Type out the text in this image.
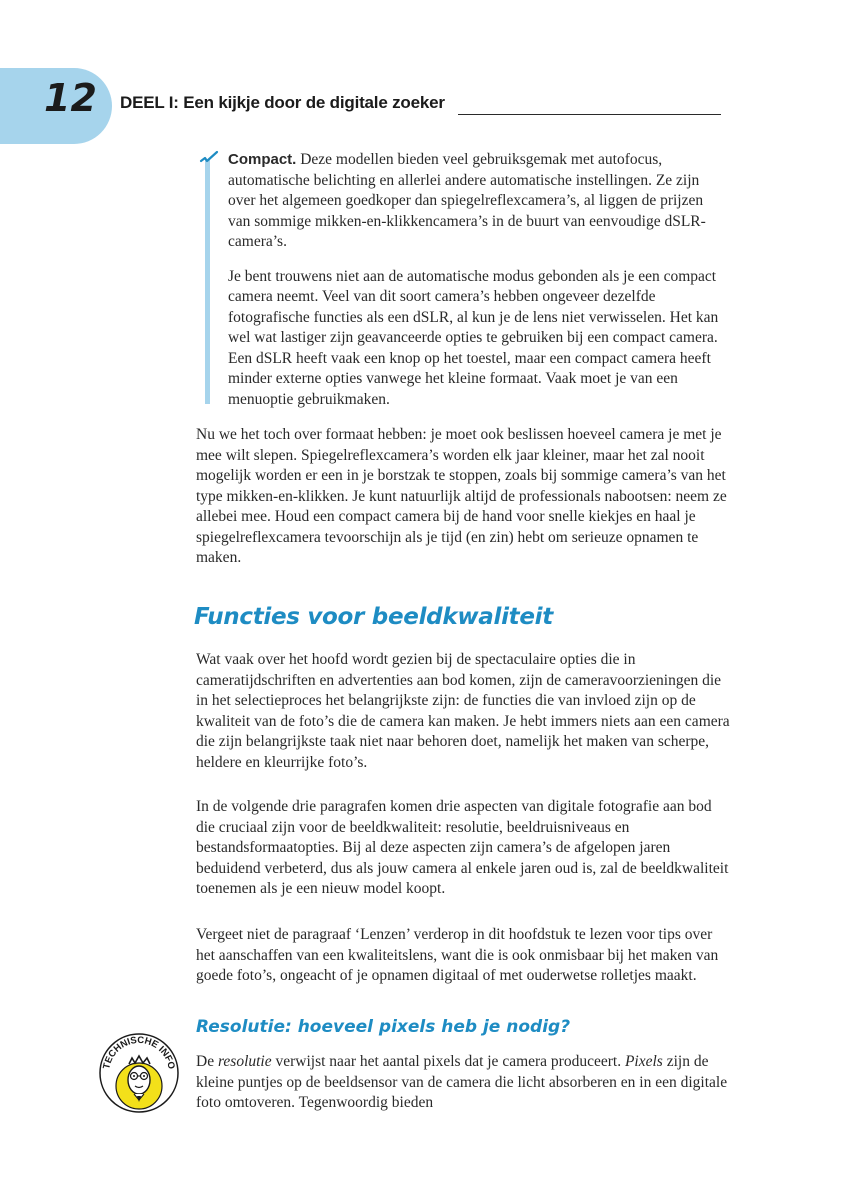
12 DEEL I: Een kijkje door de digitale zoeker

Compact. Deze modellen bieden veel gebruiksgemak met autofocus, automatische belichting en allerlei andere automatische instellingen. Ze zijn over het algemeen goedkoper dan spiegelreflexcamera’s, al liggen de prijzen van sommige mikken-en-klikkencamera’s in de buurt van eenvoudige dSLR-camera’s.

Je bent trouwens niet aan de automatische modus gebonden als je een compact camera neemt. Veel van dit soort camera’s hebben ongeveer dezelfde fotografische functies als een dSLR, al kun je de lens niet verwisselen. Het kan wel wat lastiger zijn geavanceerde opties te gebruiken bij een compact camera. Een dSLR heeft vaak een knop op het toestel, maar een compact camera heeft minder externe opties vanwege het kleine formaat. Vaak moet je van een menuoptie gebruikmaken.

Nu we het toch over formaat hebben: je moet ook beslissen hoeveel camera je met je mee wilt slepen. Spiegelreflexcamera’s worden elk jaar kleiner, maar het zal nooit mogelijk worden er een in je borstzak te stoppen, zoals bij sommige camera’s van het type mikken-en-klikken. Je kunt natuurlijk altijd de professionals nabootsen: neem ze allebei mee. Houd een compact camera bij de hand voor snelle kiekjes en haal je spiegelreflexcamera tevoorschijn als je tijd (en zin) hebt om serieuze opnamen te maken.

Functies voor beeldkwaliteit

Wat vaak over het hoofd wordt gezien bij de spectaculaire opties die in cameratijdschriften en advertenties aan bod komen, zijn de cameravoorzieningen die in het selectieproces het belangrijkste zijn: de functies die van invloed zijn op de kwaliteit van de foto’s die de camera kan maken. Je hebt immers niets aan een camera die zijn belangrijkste taak niet naar behoren doet, namelijk het maken van scherpe, heldere en kleurrijke foto’s.

In de volgende drie paragrafen komen drie aspecten van digitale fotografie aan bod die cruciaal zijn voor de beeldkwaliteit: resolutie, beeldruisniveaus en bestandsformaatopties. Bij al deze aspecten zijn camera’s de afgelopen jaren beduidend verbeterd, dus als jouw camera al enkele jaren oud is, zal de beeldkwaliteit toenemen als je een nieuw model koopt.

Vergeet niet de paragraaf ‘Lenzen’ verderop in dit hoofdstuk te lezen voor tips over het aanschaffen van een kwaliteitslens, want die is ook onmisbaar bij het maken van goede foto’s, ongeacht of je opnamen digitaal of met ouderwetse rolletjes maakt.

Resolutie: hoeveel pixels heb je nodig?
TECHNISCHE INFO De resolutie verwijst naar het aantal pixels dat je camera produceert. Pixels zijn de kleine puntjes op de beeldsensor van de camera die licht absorberen en in een digitale foto omtoveren. Tegenwoordig bieden
